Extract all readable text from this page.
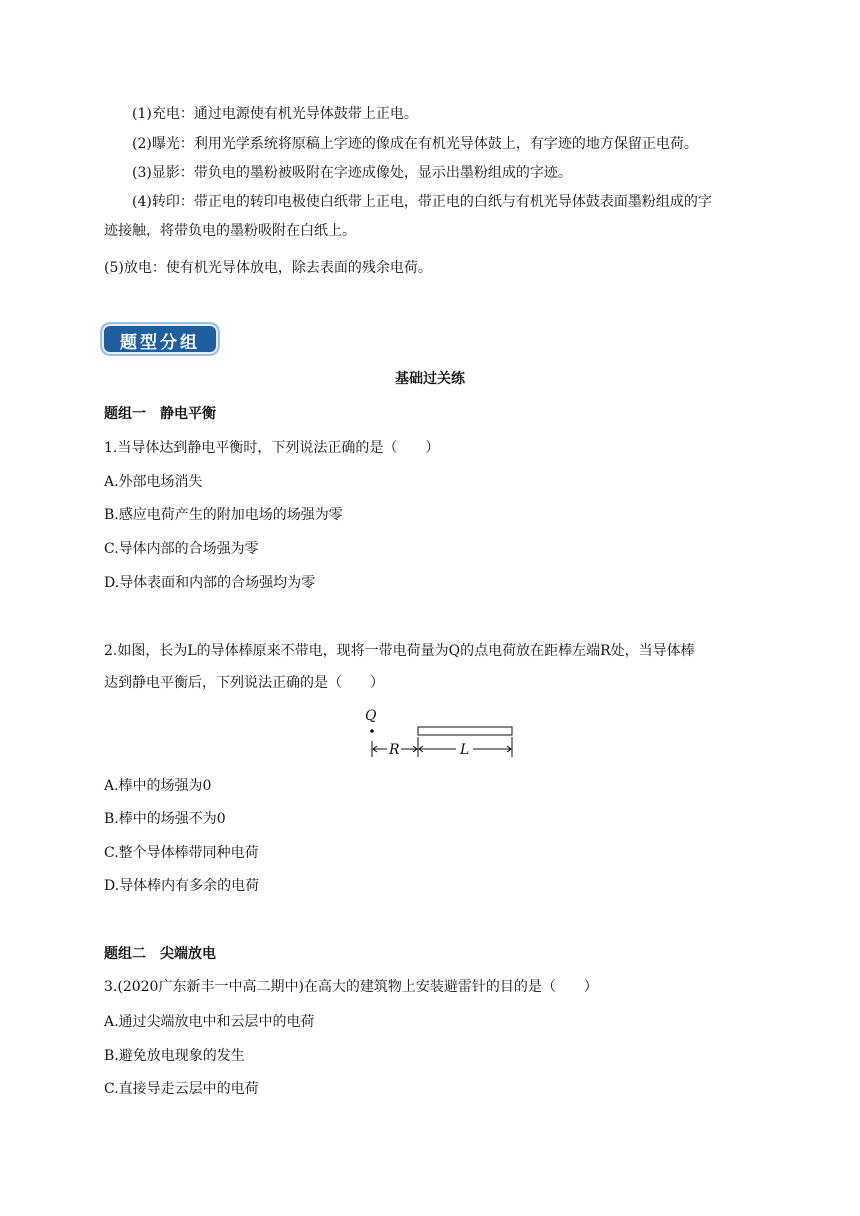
(1)充电：通过电源使有机光导体鼓带上正电。
(2)曝光：利用光学系统将原稿上字迹的像成在有机光导体鼓上，有字迹的地方保留正电荷。
(3)显影：带负电的墨粉被吸附在字迹成像处，显示出墨粉组成的字迹。
(4)转印：带正电的转印电极使白纸带上正电，带正电的白纸与有机光导体鼓表面墨粉组成的字
迹接触，将带负电的墨粉吸附在白纸上。
(5)放电：使有机光导体放电，除去表面的残余电荷。
题型分组
基础过关练
题组一　静电平衡
1.当导体达到静电平衡时，下列说法正确的是（　　）
A.外部电场消失
B.感应电荷产生的附加电场的场强为零
C.导体内部的合场强为零
D.导体表面和内部的合场强均为零
2.如图，长为L的导体棒原来不带电，现将一带电荷量为Q的点电荷放在距棒左端R处，当导体棒
达到静电平衡后，下列说法正确的是（　　）
Q
R	L
A.棒中的场强为0
B.棒中的场强不为0
C.整个导体棒带同种电荷
D.导体棒内有多余的电荷
题组二　尖端放电
3.(2020广东新丰一中高二期中)在高大的建筑物上安装避雷针的目的是（　　）
A.通过尖端放电中和云层中的电荷
B.避免放电现象的发生
C.直接导走云层中的电荷
